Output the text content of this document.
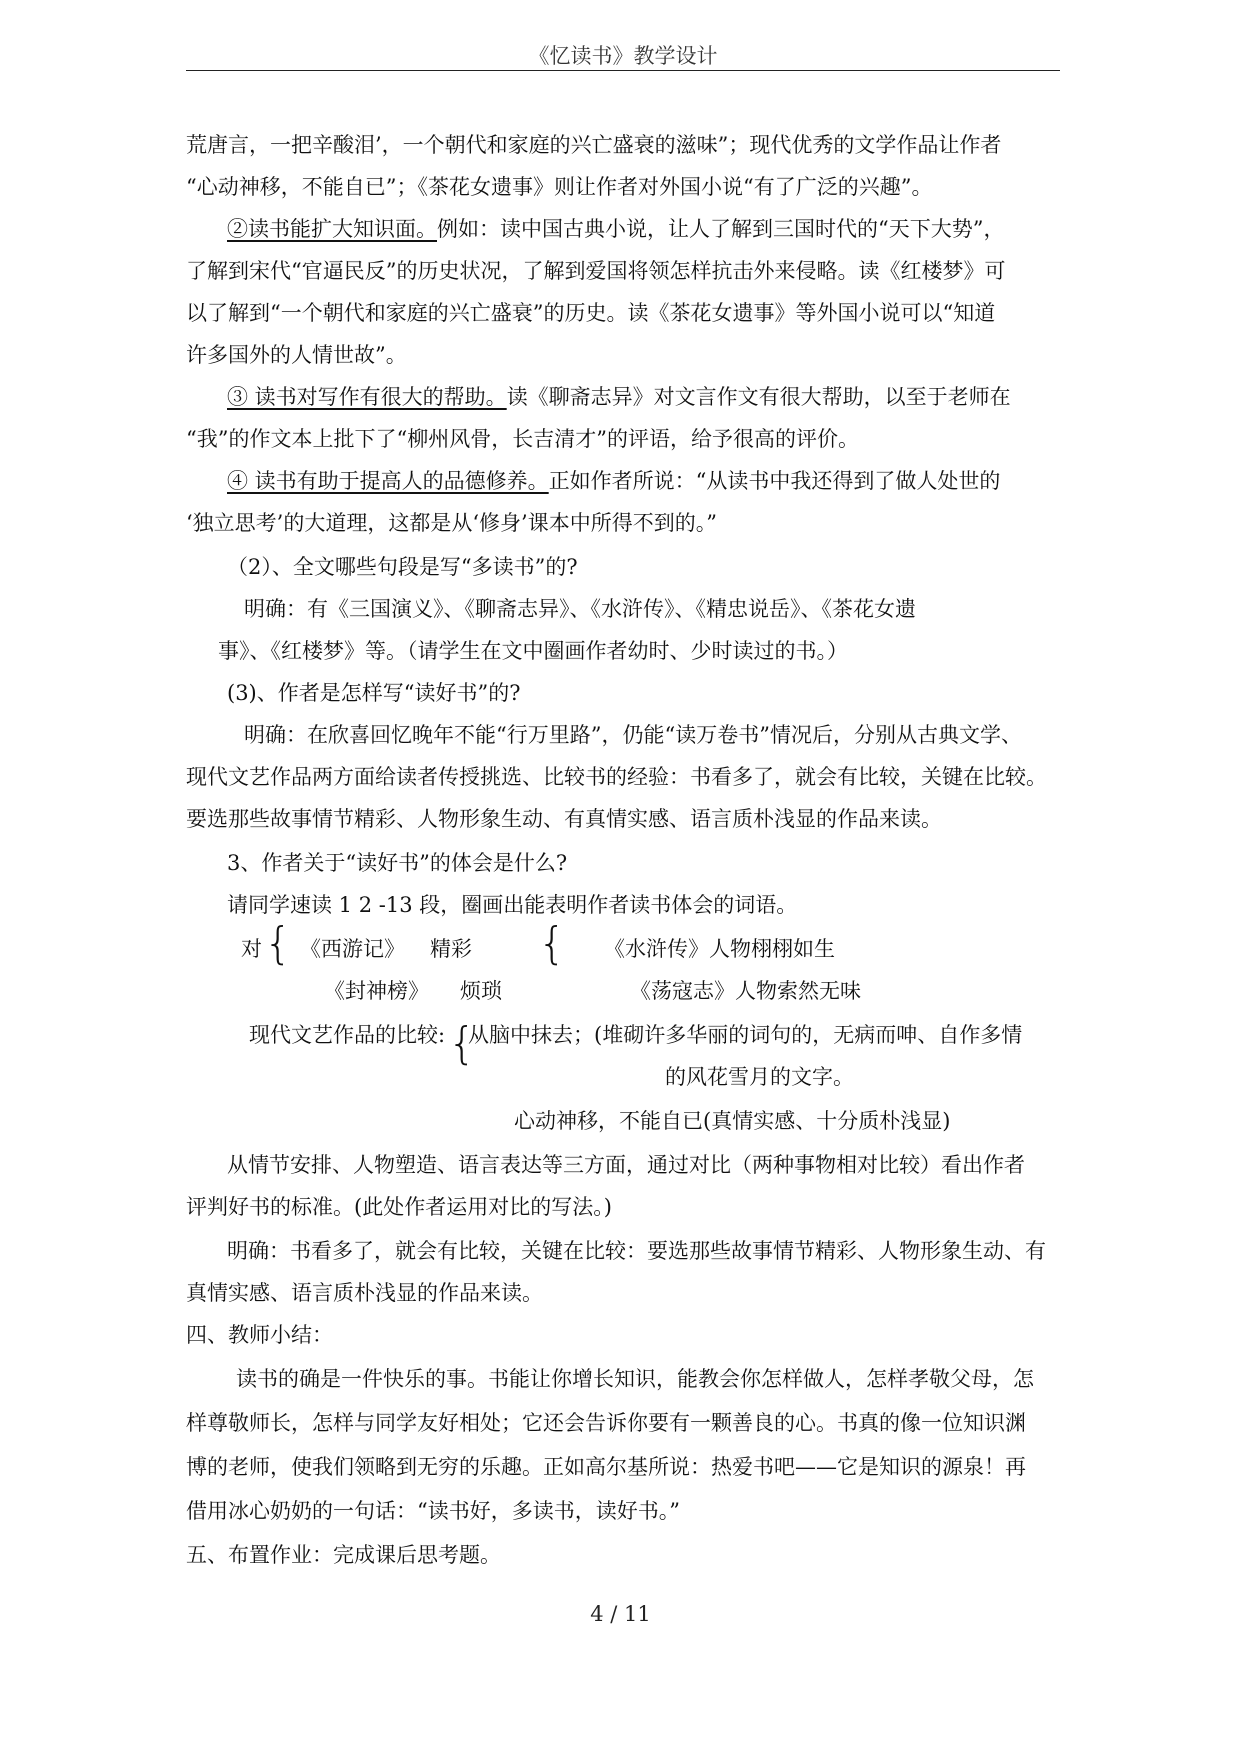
《忆读书》教学设计
荒唐言，一把辛酸泪’，一个朝代和家庭的兴亡盛衰的滋味”；现代优秀的文学作品让作者
“心动神移，不能自已”；《茶花女遗事》则让作者对外国小说“有了广泛的兴趣”。
②读书能扩大知识面。例如：读中国古典小说，让人了解到三国时代的“天下大势”，
了解到宋代“官逼民反”的历史状况，了解到爱国将领怎样抗击外来侵略。读《红楼梦》可
以了解到“一个朝代和家庭的兴亡盛衰”的历史。读《茶花女遗事》等外国小说可以“知道
许多国外的人情世故”。
③ 读书对写作有很大的帮助。读《聊斋志异》对文言作文有很大帮助，以至于老师在
“我”的作文本上批下了“柳州风骨，长吉清才”的评语，给予很高的评价。
④ 读书有助于提高人的品德修养。正如作者所说：“从读书中我还得到了做人处世的
‘独立思考’的大道理，这都是从‘修身’课本中所得不到的。”
（2）、全文哪些句段是写“多读书”的?
明确：有《三国演义》、《聊斋志异》、《水浒传》、《精忠说岳》、《茶花女遗
事》、《红楼梦》等。（请学生在文中圈画作者幼时、少时读过的书。）
(3)、作者是怎样写“读好书”的?
明确：在欣喜回忆晚年不能“行万里路”，仍能“读万卷书”情况后，分别从古典文学、
现代文艺作品两方面给读者传授挑选、比较书的经验：书看多了，就会有比较，关键在比较。
要选那些故事情节精彩、人物形象生动、有真情实感、语言质朴浅显的作品来读。
3、作者关于“读好书”的体会是什么?
请同学速读 1 2 -13 段，圈画出能表明作者读书体会的词语。
对 { 《西游记》 精彩 { 《水浒传》人物栩栩如生
《封神榜》 烦琐	《荡寇志》人物索然无味
现代文艺作品的比较: {
从脑中抹去；(堆砌许多华丽的词句的，无病而呻、自作多情
的风花雪月的文字。
心动神移，不能自已(真情实感、十分质朴浅显)
从情节安排、人物塑造、语言表达等三方面，通过对比（两种事物相对比较）看出作者
评判好书的标准。(此处作者运用对比的写法。)
明确：书看多了，就会有比较，关键在比较：要选那些故事情节精彩、人物形象生动、有
真情实感、语言质朴浅显的作品来读。
四、教师小结：
读书的确是一件快乐的事。书能让你增长知识，能教会你怎样做人，怎样孝敬父母，怎
样尊敬师长，怎样与同学友好相处；它还会告诉你要有一颗善良的心。书真的像一位知识渊
博的老师，使我们领略到无穷的乐趣。正如高尔基所说：热爱书吧——它是知识的源泉！再
借用冰心奶奶的一句话：“读书好，多读书，读好书。”
五、布置作业：完成课后思考题。
4 / 11
